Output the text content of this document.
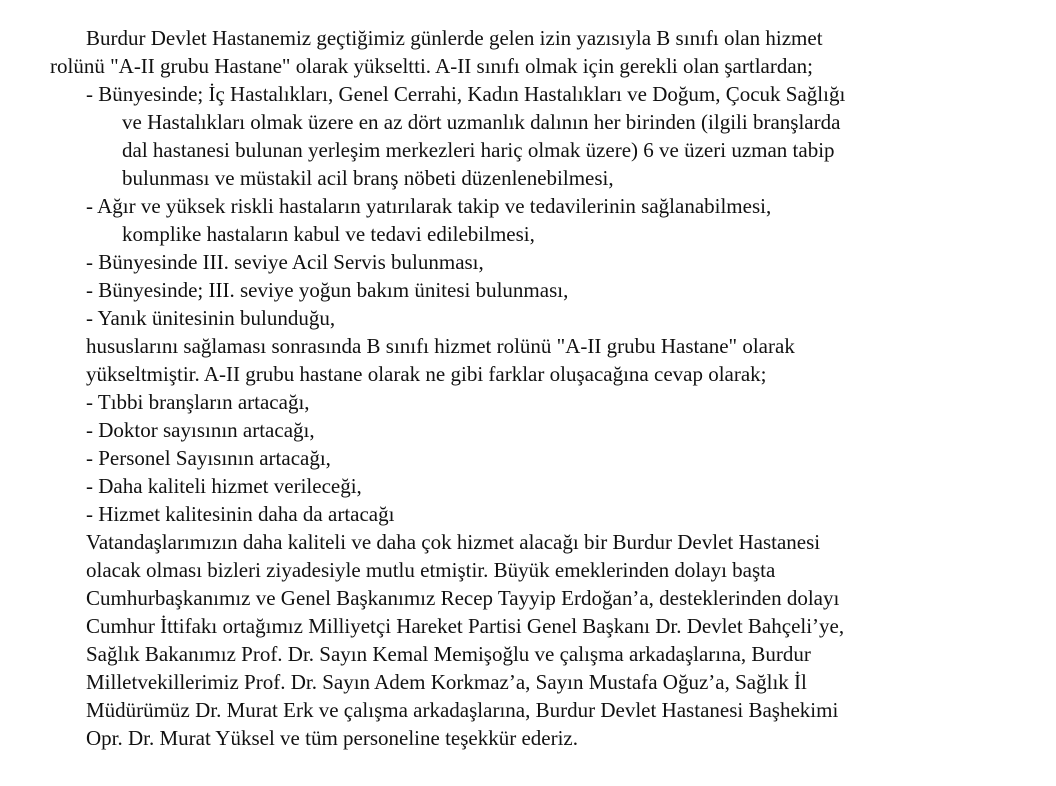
Burdur Devlet Hastanemiz geçtiğimiz günlerde gelen izin yazısıyla B sınıfı olan hizmet
rolünü "A-II grubu Hastane" olarak yükseltti. A-II sınıfı olmak için gerekli olan şartlardan;
- Bünyesinde; İç Hastalıkları, Genel Cerrahi, Kadın Hastalıkları ve Doğum, Çocuk Sağlığı
ve Hastalıkları olmak üzere en az dört uzmanlık dalının her birinden (ilgili branşlarda
dal hastanesi bulunan yerleşim merkezleri hariç olmak üzere) 6 ve üzeri uzman tabip
bulunması ve müstakil acil branş nöbeti düzenlenebilmesi,
- Ağır ve yüksek riskli hastaların yatırılarak takip ve tedavilerinin sağlanabilmesi,
komplike hastaların kabul ve tedavi edilebilmesi,
- Bünyesinde III. seviye Acil Servis bulunması,
- Bünyesinde; III. seviye yoğun bakım ünitesi bulunması,
- Yanık ünitesinin bulunduğu,
hususlarını sağlaması sonrasında B sınıfı hizmet rolünü "A-II grubu Hastane" olarak
yükseltmiştir. A-II grubu hastane olarak ne gibi farklar oluşacağına cevap olarak;
- Tıbbi branşların artacağı,
- Doktor sayısının artacağı,
- Personel Sayısının artacağı,
- Daha kaliteli hizmet verileceği,
- Hizmet kalitesinin daha da artacağı
Vatandaşlarımızın daha kaliteli ve daha çok hizmet alacağı bir Burdur Devlet Hastanesi
olacak olması bizleri ziyadesiyle mutlu etmiştir. Büyük emeklerinden dolayı başta
Cumhurbaşkanımız ve Genel Başkanımız Recep Tayyip Erdoğan’a, desteklerinden dolayı
Cumhur İttifakı ortağımız Milliyetçi Hareket Partisi Genel Başkanı Dr. Devlet Bahçeli’ye,
Sağlık Bakanımız Prof. Dr. Sayın Kemal Memişoğlu ve çalışma arkadaşlarına, Burdur
Milletvekillerimiz Prof. Dr. Sayın Adem Korkmaz’a, Sayın Mustafa Oğuz’a, Sağlık İl
Müdürümüz Dr. Murat Erk ve çalışma arkadaşlarına, Burdur Devlet Hastanesi Başhekimi
Opr. Dr. Murat Yüksel ve tüm personeline teşekkür ederiz.
